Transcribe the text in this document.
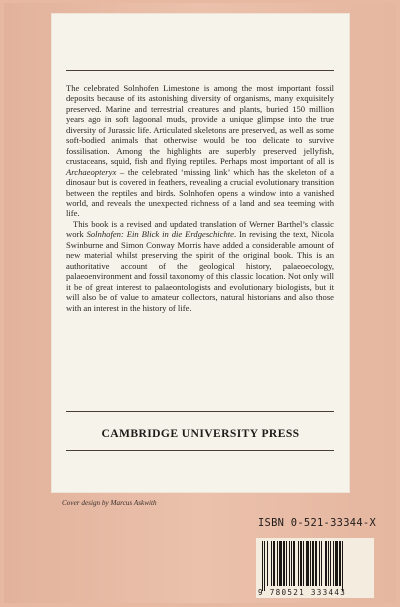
The celebrated Solnhofen Limestone is among the most important fossil deposits because of its astonishing diversity of organisms, many exquisitely preserved. Marine and terrestrial creatures and plants, buried 150 million years ago in soft lagoonal muds, provide a unique glimpse into the true diversity of Jurassic life. Articulated skeletons are preserved, as well as some soft-bodied animals that otherwise would be too delicate to survive fossilisation. Among the highlights are superbly preserved jellyfish, crustaceans, squid, fish and flying reptiles. Perhaps most important of all is Archaeopteryx – the celebrated ‘missing link’ which has the skeleton of a dinosaur but is covered in feathers, revealing a crucial evolutionary transition between the reptiles and birds. Solnhofen opens a window into a vanished world, and reveals the unexpected richness of a land and sea teeming with life.

This book is a revised and updated translation of Werner Barthel’s classic work Solnhofen: Ein Blick in die Erdgeschichte. In revising the text, Nicola Swinburne and Simon Conway Morris have added a considerable amount of new material whilst preserving the spirit of the original book. This is an authoritative account of the geological history, palaeoecology, palaeoenvironment and fossil taxonomy of this classic location. Not only will it be of great interest to palaeontologists and evolutionary biologists, but it will also be of value to amateur collectors, natural historians and also those with an interest in the history of life.

CAMBRIDGE UNIVERSITY PRESS
Cover design by Marcus Askwith
ISBN 0-521-33344-X
9 780521 333443
